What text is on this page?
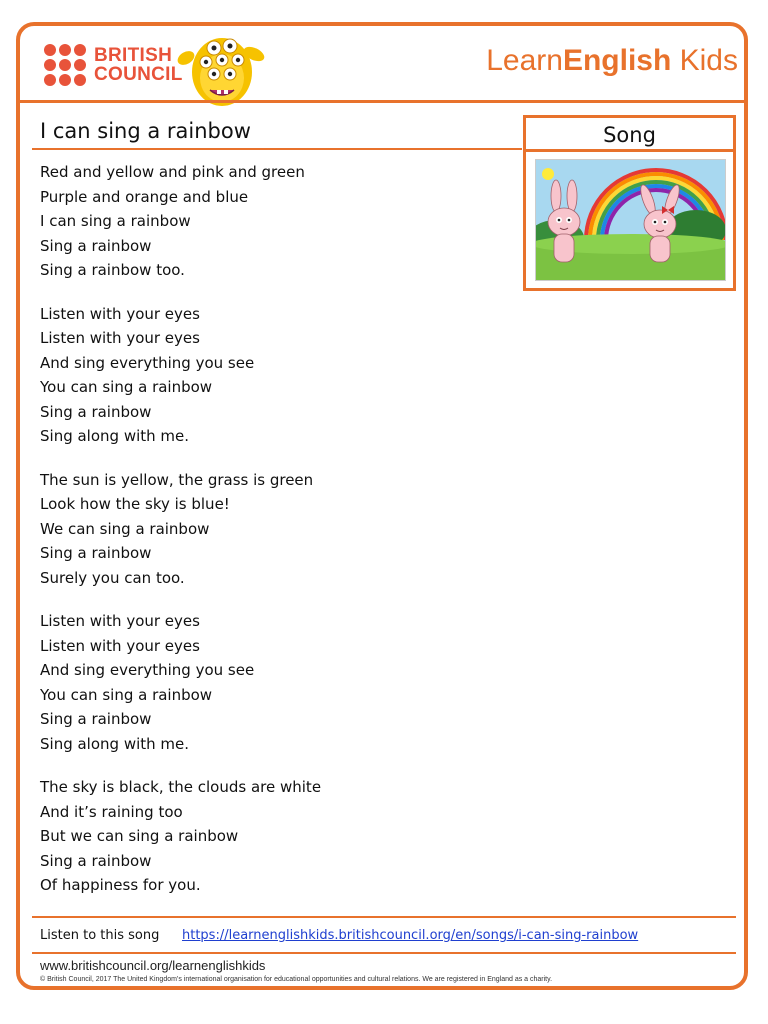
BRITISH
COUNCIL	LearnEnglish Kids
I can sing a rainbow	Song
Red and yellow and pink and green
Purple and orange and blue
I can sing a rainbow
Sing a rainbow
Sing a rainbow too.
Listen with your eyes
Listen with your eyes
And sing everything you see
You can sing a rainbow
Sing a rainbow
Sing along with me.
The sun is yellow, the grass is green
Look how the sky is blue!
We can sing a rainbow
Sing a rainbow
Surely you can too.
Listen with your eyes
Listen with your eyes
And sing everything you see
You can sing a rainbow
Sing a rainbow
Sing along with me.
The sky is black, the clouds are white
And it’s raining too
But we can sing a rainbow
Sing a rainbow
Of happiness for you.
Listen to this song https://learnenglishkids.britishcouncil.org/en/songs/i-can-sing-rainbow
www.britishcouncil.org/learnenglishkids
© British Council, 2017 The United Kingdom’s international organisation for educational opportunities and cultural relations. We are registered in England as a charity.
